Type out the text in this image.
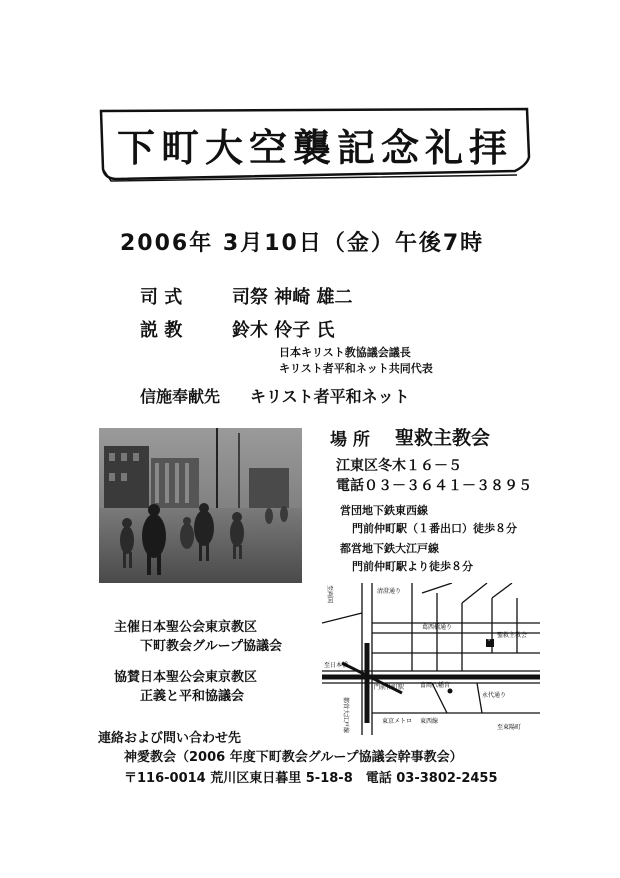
下町大空襲記念礼拝
2006年 3月10日（金）午後7時
司 式	司祭 神崎 雄二
説 教	鈴木 伶子 氏
日本キリスト教協議会議長
キリスト者平和ネット共同代表
信施奉献先 キリスト者平和ネット
場 所 聖救主教会
江東区冬木１６－５
電話０３－３６４１－３８９５
営団地下鉄東西線
門前仲町駅（１番出口）徒歩８分
都営地下鉄大江戸線
門前仲町駅より徒歩８分
+
清澄通り
葛西橋通り
聖救主教会
至日本橋
門前仲町駅	富岡八幡宮
永代通り
東京メトロ 東西線
至東陽町
都営大江戸線
至両国
主催 日本聖公会東京教区
下町教会グループ協議会
協賛 日本聖公会東京教区
正義と平和協議会
連絡および問い合わせ先
神愛教会（2006 年度下町教会グループ協議会幹事教会）
〒116-0014 荒川区東日暮里 5-18-8　電話 03-3802-2455
